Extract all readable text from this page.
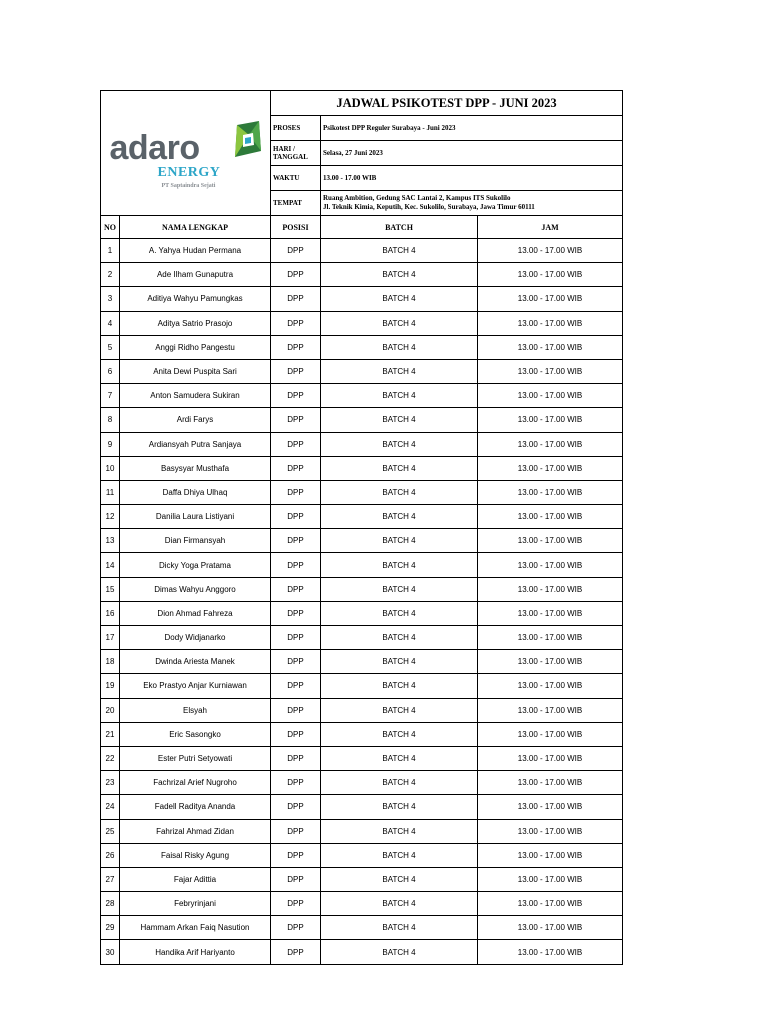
adaro
ENERGY
PT Saptaindra Sejati		JADWAL PSIKOTEST DPP - JUNI 2023		
		PROSES	Psikotest DPP Reguler Surabaya - Juni 2023	
		HARI / TANGGAL	Selasa, 27 Juni 2023	
		WAKTU	13.00 - 17.00 WIB	
		TEMPAT	Ruang Ambition, Gedung SAC Lantai 2, Kampus ITS Sukolilo
Jl. Teknik Kimia, Keputih, Kec. Sukolilo, Surabaya, Jawa Timur 60111	

NO	NAMA LENGKAP	POSISI	BATCH	JAM
1	A. Yahya Hudan Permana	DPP	BATCH 4	13.00 - 17.00 WIB
2	Ade Ilham Gunaputra	DPP	BATCH 4	13.00 - 17.00 WIB
3	Aditiya Wahyu Pamungkas	DPP	BATCH 4	13.00 - 17.00 WIB
4	Aditya Satrio Prasojo	DPP	BATCH 4	13.00 - 17.00 WIB
5	Anggi Ridho Pangestu	DPP	BATCH 4	13.00 - 17.00 WIB
6	Anita Dewi Puspita Sari	DPP	BATCH 4	13.00 - 17.00 WIB
7	Anton Samudera Sukiran	DPP	BATCH 4	13.00 - 17.00 WIB
8	Ardi Farys	DPP	BATCH 4	13.00 - 17.00 WIB
9	Ardiansyah Putra Sanjaya	DPP	BATCH 4	13.00 - 17.00 WIB
10	Basysyar Musthafa	DPP	BATCH 4	13.00 - 17.00 WIB
11	Daffa Dhiya Ulhaq	DPP	BATCH 4	13.00 - 17.00 WIB
12	Danilia Laura Listiyani	DPP	BATCH 4	13.00 - 17.00 WIB
13	Dian Firmansyah	DPP	BATCH 4	13.00 - 17.00 WIB
14	Dicky Yoga Pratama	DPP	BATCH 4	13.00 - 17.00 WIB
15	Dimas Wahyu Anggoro	DPP	BATCH 4	13.00 - 17.00 WIB
16	Dion Ahmad Fahreza	DPP	BATCH 4	13.00 - 17.00 WIB
17	Dody Widjanarko	DPP	BATCH 4	13.00 - 17.00 WIB
18	Dwinda Ariesta Manek	DPP	BATCH 4	13.00 - 17.00 WIB
19	Eko Prastyo Anjar Kurniawan	DPP	BATCH 4	13.00 - 17.00 WIB
20	Elsyah	DPP	BATCH 4	13.00 - 17.00 WIB
21	Eric Sasongko	DPP	BATCH 4	13.00 - 17.00 WIB
22	Ester Putri Setyowati	DPP	BATCH 4	13.00 - 17.00 WIB
23	Fachrizal Arief Nugroho	DPP	BATCH 4	13.00 - 17.00 WIB
24	Fadell Raditya Ananda	DPP	BATCH 4	13.00 - 17.00 WIB
25	Fahrizal Ahmad Zidan	DPP	BATCH 4	13.00 - 17.00 WIB
26	Faisal Risky Agung	DPP	BATCH 4	13.00 - 17.00 WIB
27	Fajar Adittia	DPP	BATCH 4	13.00 - 17.00 WIB
28	Febryrinjani	DPP	BATCH 4	13.00 - 17.00 WIB
29	Hammam Arkan Faiq Nasution	DPP	BATCH 4	13.00 - 17.00 WIB
30	Handika Arif Hariyanto	DPP	BATCH 4	13.00 - 17.00 WIB
